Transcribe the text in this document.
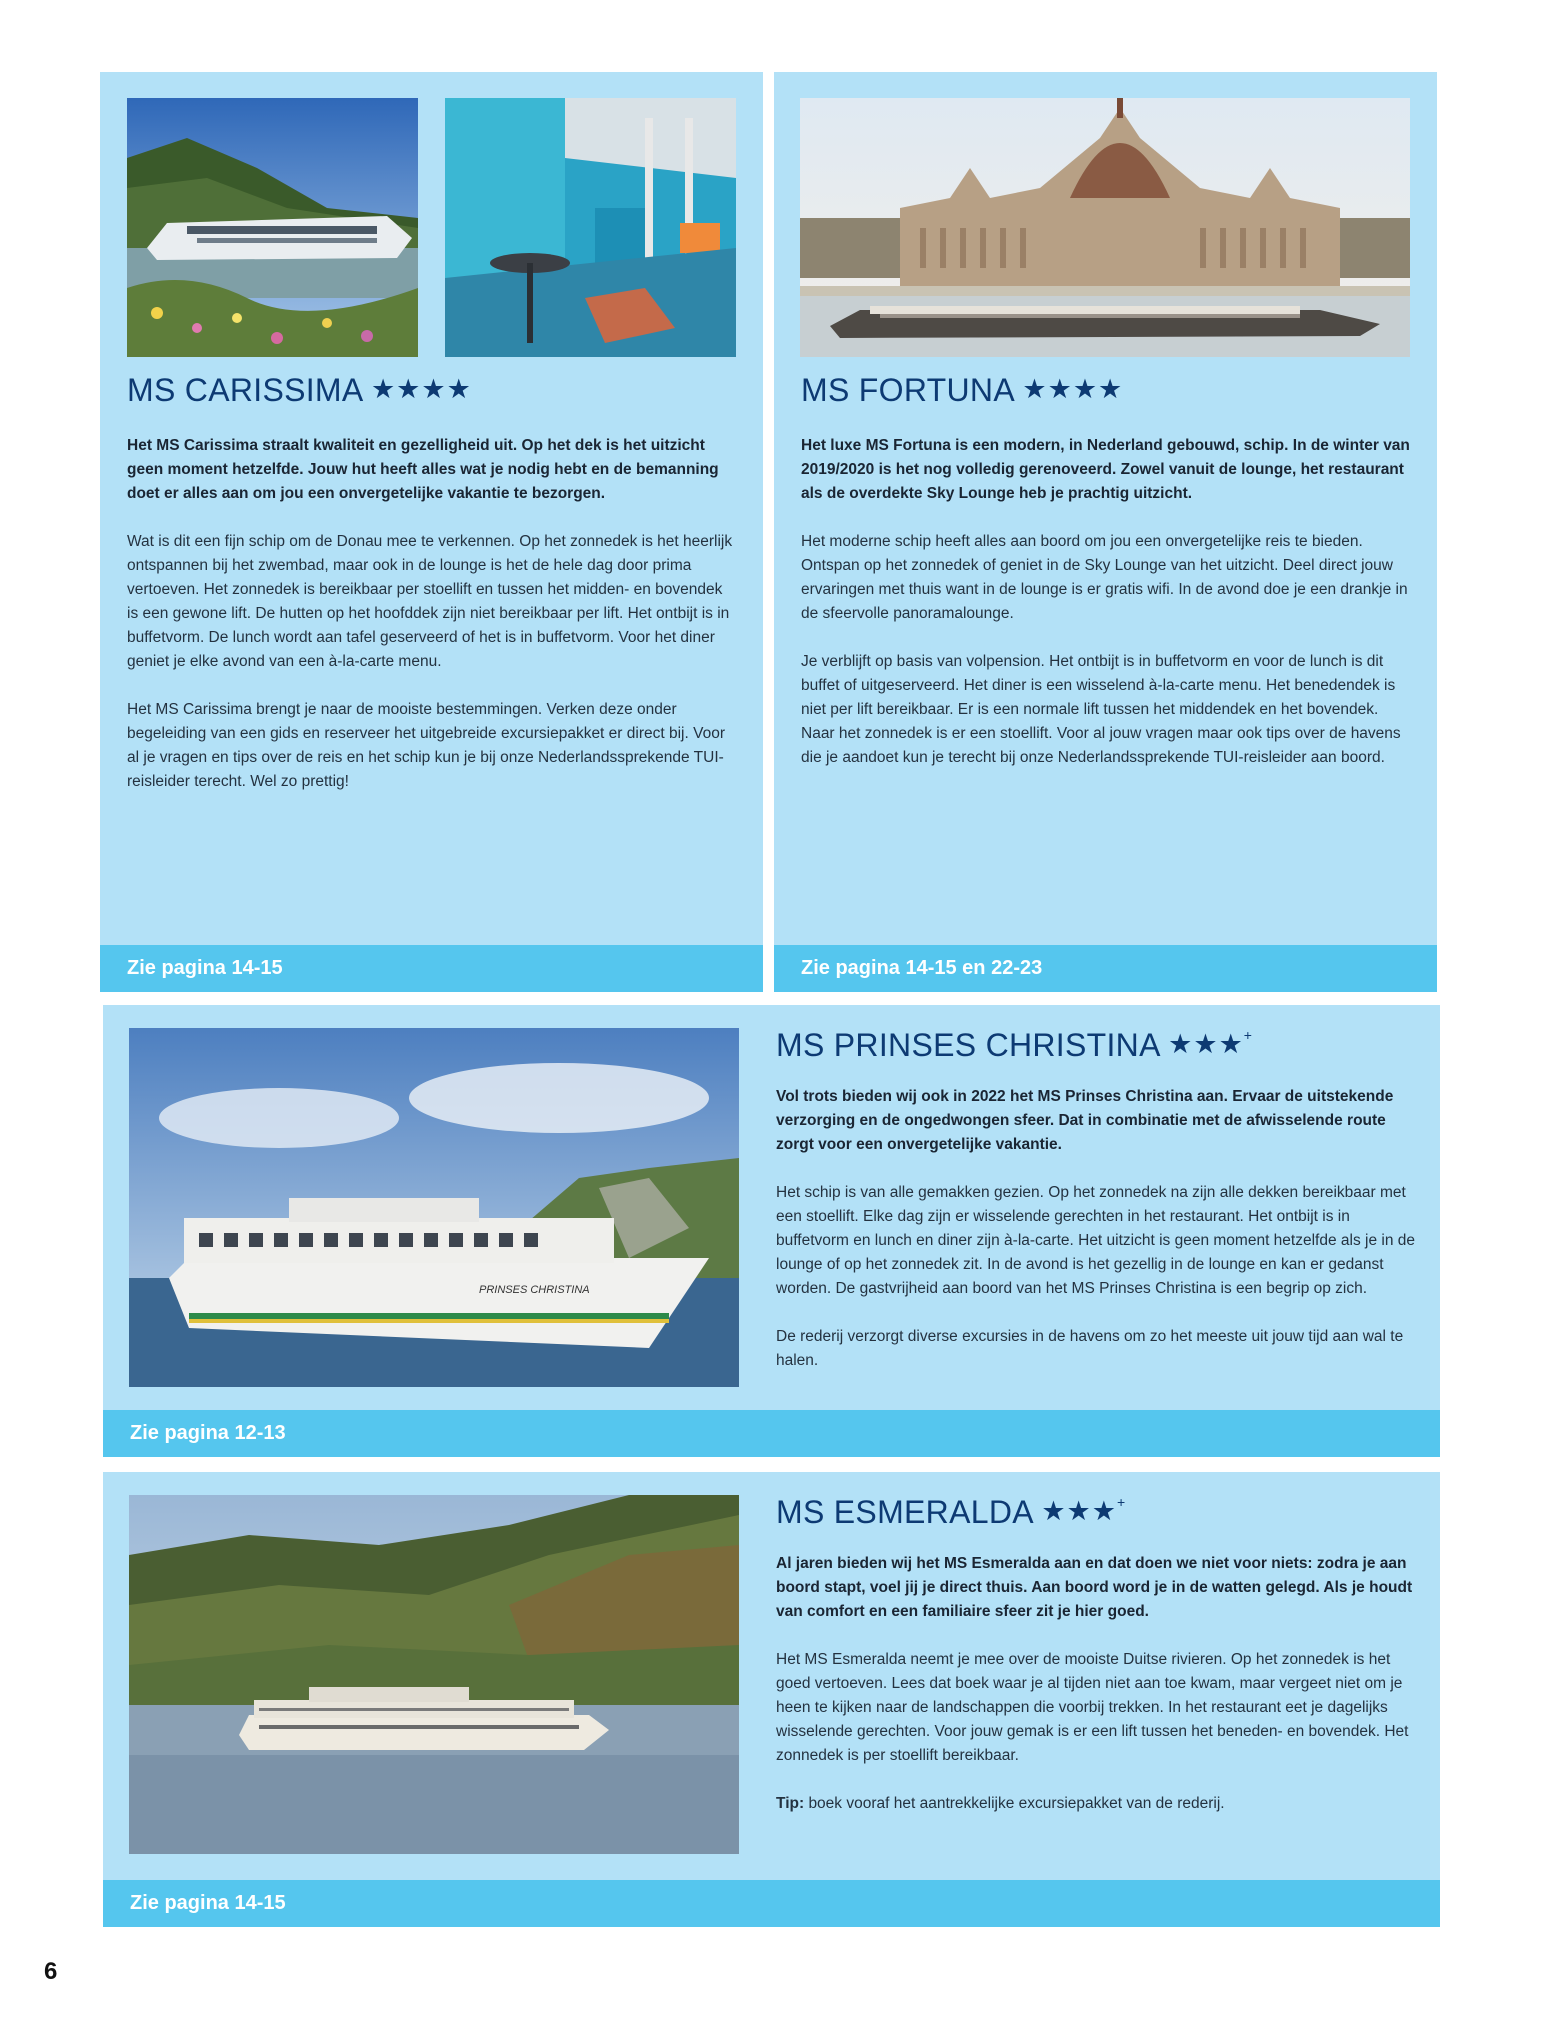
MS CARISSIMA ★★★★

Het MS Carissima straalt kwaliteit en gezelligheid uit. Op het dek is het uitzicht geen moment hetzelfde. Jouw hut heeft alles wat je nodig hebt en de bemanning doet er alles aan om jou een onvergetelijke vakantie te bezorgen.

Wat is dit een fijn schip om de Donau mee te verkennen. Op het zonnedek is het heerlijk ontspannen bij het zwembad, maar ook in de lounge is het de hele dag door prima vertoeven. Het zonnedek is bereikbaar per stoellift en tussen het midden- en bovendek is een gewone lift. De hutten op het hoofddek zijn niet bereikbaar per lift. Het ontbijt is in buffetvorm. De lunch wordt aan tafel geserveerd of het is in buffetvorm. Voor het diner geniet je elke avond van een à-la-carte menu.

Het MS Carissima brengt je naar de mooiste bestemmingen. Verken deze onder begeleiding van een gids en reserveer het uitgebreide excursiepakket er direct bij. Voor al je vragen en tips over de reis en het schip kun je bij onze Nederlandssprekende TUI-reisleider terecht. Wel zo prettig!

Zie pagina 14-15
MS FORTUNA ★★★★

Het luxe MS Fortuna is een modern, in Nederland gebouwd, schip. In de winter van 2019/2020 is het nog volledig gerenoveerd. Zowel vanuit de lounge, het restaurant als de overdekte Sky Lounge heb je prachtig uitzicht.

Het moderne schip heeft alles aan boord om jou een onvergetelijke reis te bieden. Ontspan op het zonnedek of geniet in de Sky Lounge van het uitzicht. Deel direct jouw ervaringen met thuis want in de lounge is er gratis wifi. In de avond doe je een drankje in de sfeervolle panoramalounge.

Je verblijft op basis van volpension. Het ontbijt is in buffetvorm en voor de lunch is dit buffet of uitgeserveerd. Het diner is een wisselend à-la-carte menu. Het benedendek is niet per lift bereikbaar. Er is een normale lift tussen het middendek en het bovendek. Naar het zonnedek is er een stoellift. Voor al jouw vragen maar ook tips over de havens die je aandoet kun je terecht bij onze Nederlandssprekende TUI-reisleider aan boord.

Zie pagina 14-15 en 22-23
PRINSES CHRISTINA
MS PRINSES CHRISTINA ★★★+

Vol trots bieden wij ook in 2022 het MS Prinses Christina aan. Ervaar de uitstekende verzorging en de ongedwongen sfeer. Dat in combinatie met de afwisselende route zorgt voor een onvergetelijke vakantie.

Het schip is van alle gemakken gezien. Op het zonnedek na zijn alle dekken bereikbaar met een stoellift. Elke dag zijn er wisselende gerechten in het restaurant. Het ontbijt is in buffetvorm en lunch en diner zijn à-la-carte. Het uitzicht is geen moment hetzelfde als je in de lounge of op het zonnedek zit. In de avond is het gezellig in de lounge en kan er gedanst worden. De gastvrijheid aan boord van het MS Prinses Christina is een begrip op zich.

De rederij verzorgt diverse excursies in de havens om zo het meeste uit jouw tijd aan wal te halen.

Zie pagina 12-13
MS ESMERALDA ★★★+

Al jaren bieden wij het MS Esmeralda aan en dat doen we niet voor niets: zodra je aan boord stapt, voel jij je direct thuis. Aan boord word je in de watten gelegd. Als je houdt van comfort en een familiaire sfeer zit je hier goed.

Het MS Esmeralda neemt je mee over de mooiste Duitse rivieren. Op het zonnedek is het goed vertoeven. Lees dat boek waar je al tijden niet aan toe kwam, maar vergeet niet om je heen te kijken naar de landschappen die voorbij trekken. In het restaurant eet je dagelijks wisselende gerechten. Voor jouw gemak is er een lift tussen het beneden- en bovendek. Het zonnedek is per stoellift bereikbaar.

Tip: boek vooraf het aantrekkelijke excursiepakket van de rederij.

Zie pagina 14-15
6
